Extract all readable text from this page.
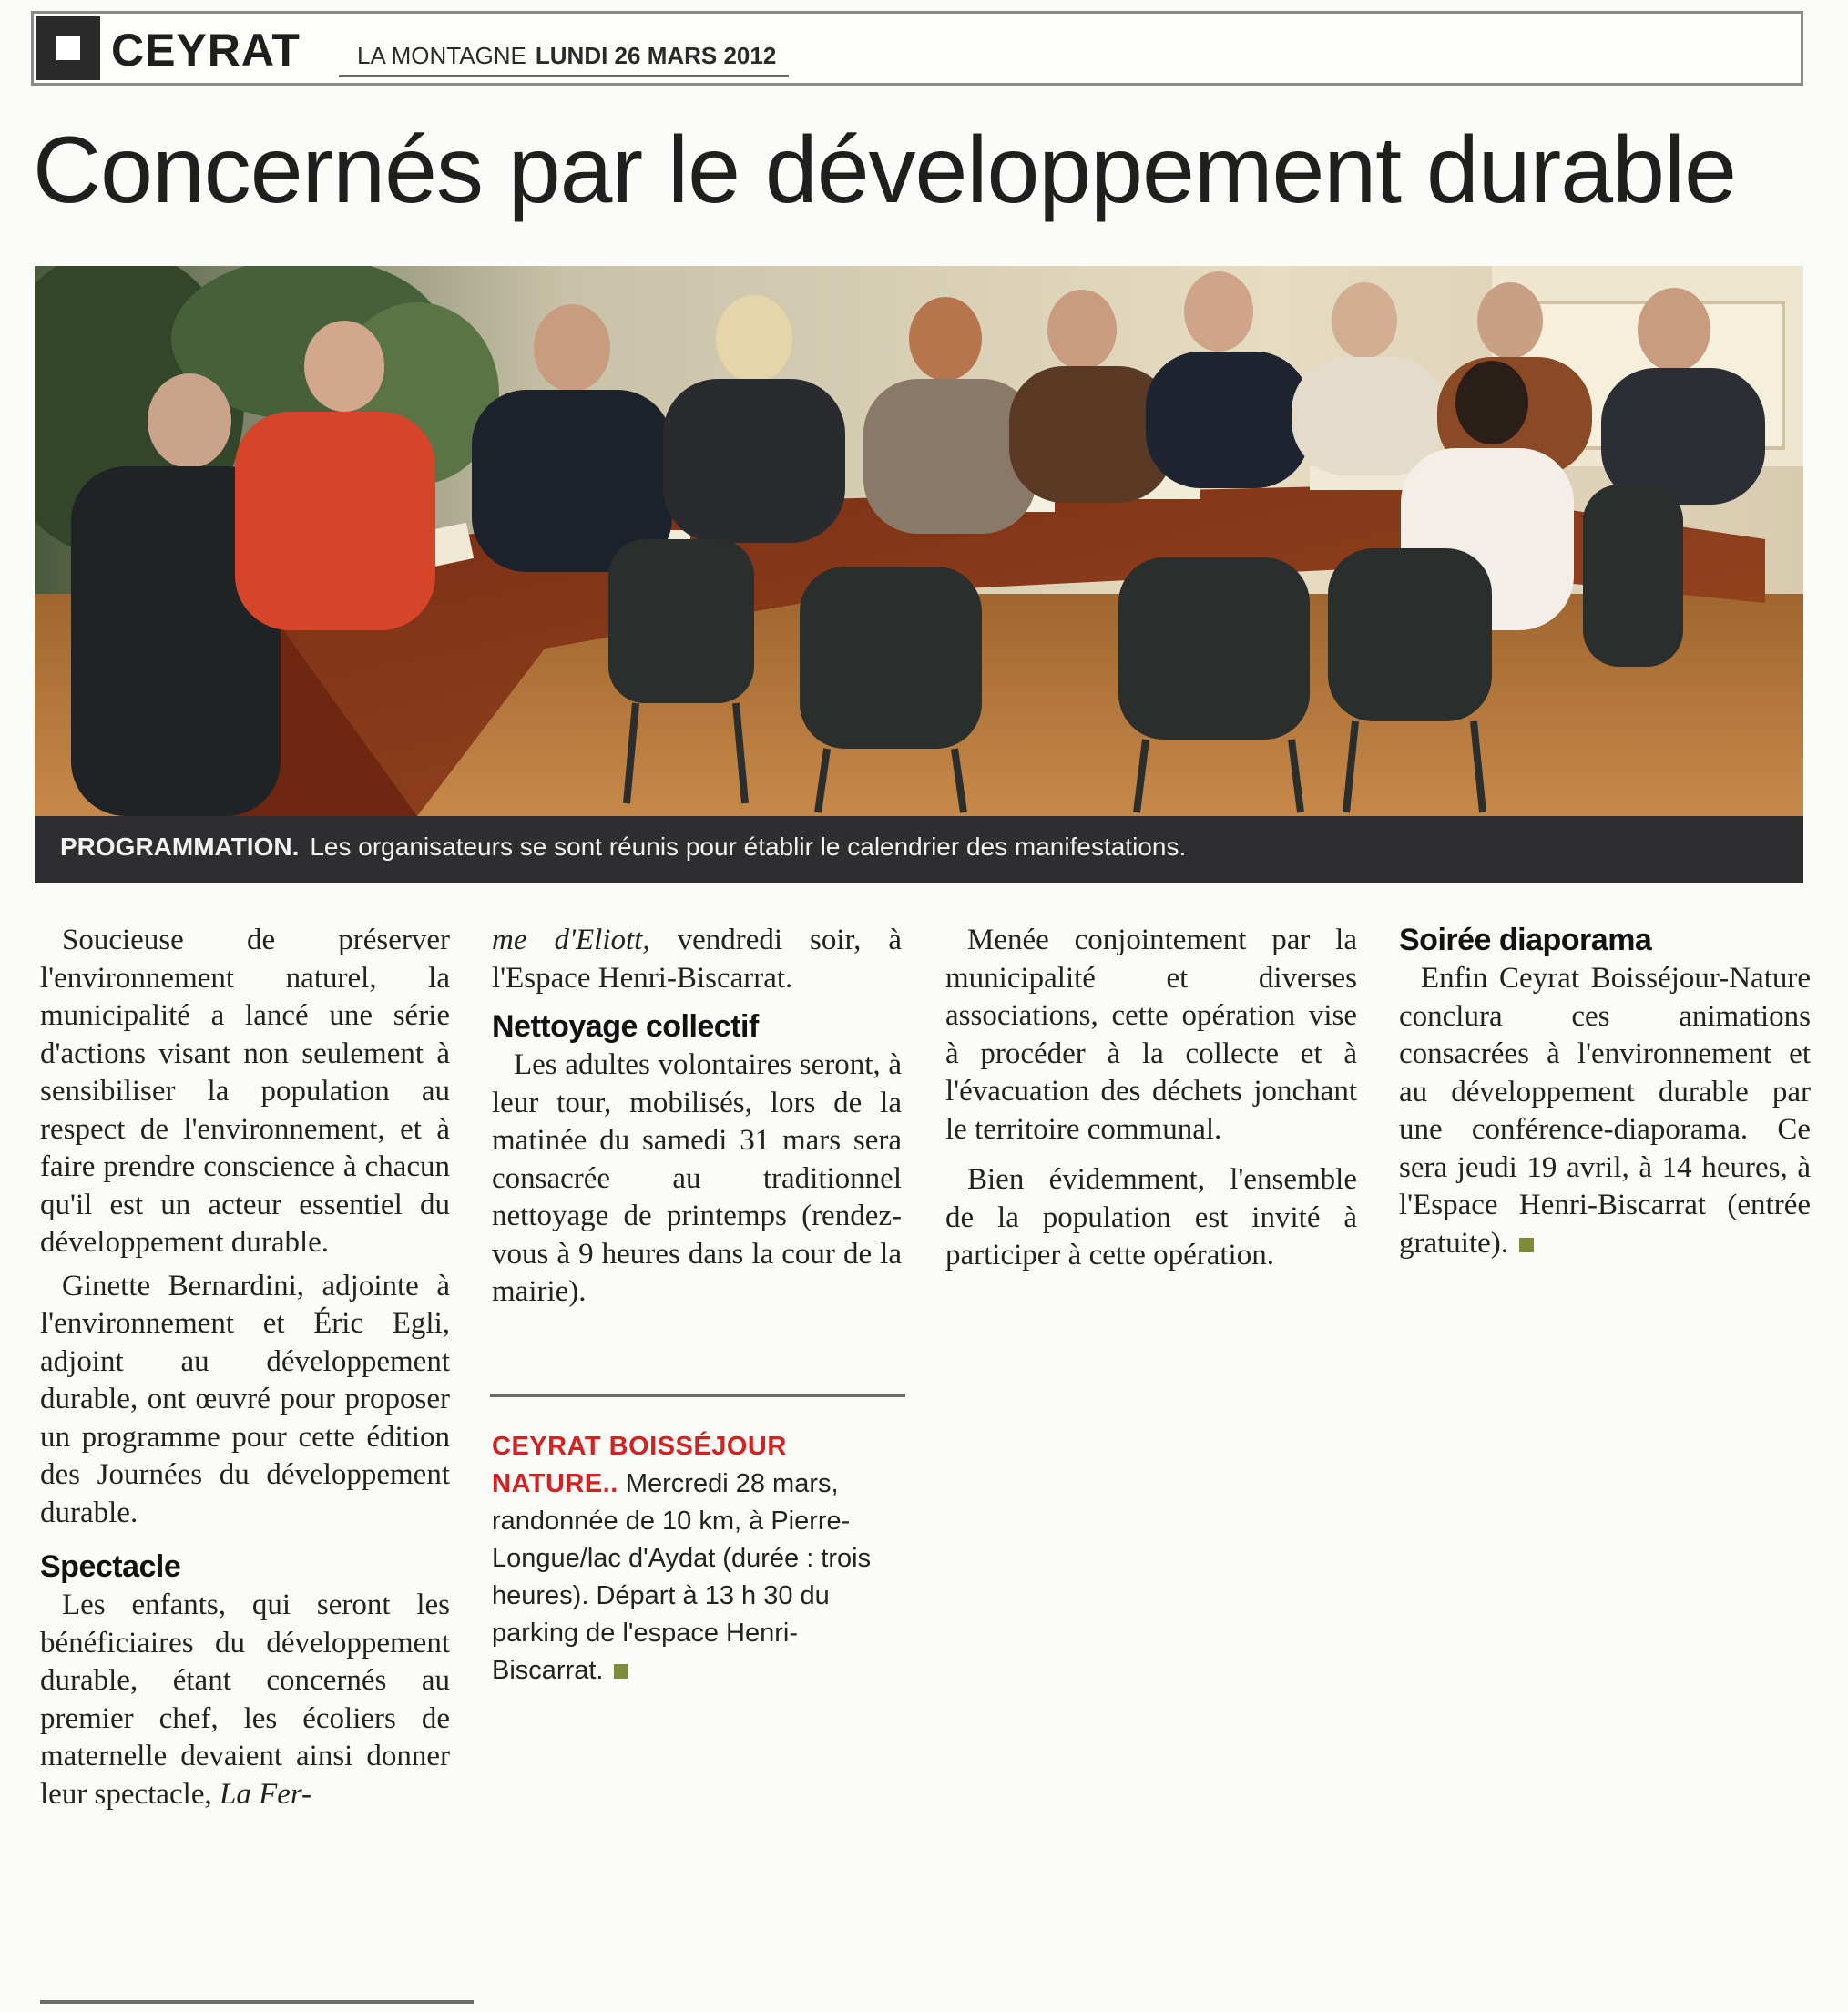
CEYRAT LA MONTAGNE LUNDI 26 MARS 2012
Concernés par le développement durable
PROGRAMMATION. Les organisateurs se sont réunis pour établir le calendrier des manifestations.

Soucieuse de préserver l'environnement naturel, la municipalité a lancé une série d'actions visant non seulement à sensibiliser la population au respect de l'environnement, et à faire prendre conscience à chacun qu'il est un acteur essentiel du développement durable.

Ginette Bernardini, adjointe à l'environnement et Éric Egli, adjoint au développement durable, ont œuvré pour proposer un programme pour cette édition des Journées du développement durable.

Spectacle

Les enfants, qui seront les bénéficiaires du développement durable, étant concernés au premier chef, les écoliers de maternelle devaient ainsi donner leur spectacle, La Fer-

me d'Eliott, vendredi soir, à l'Espace Henri-Biscarrat.

Nettoyage collectif

Les adultes volontaires seront, à leur tour, mobilisés, lors de la matinée du samedi 31 mars sera consacrée au traditionnel nettoyage de printemps (rendez-vous à 9 heures dans la cour de la mairie).

CEYRAT BOISSÉJOUR NATURE.. Mercredi 28 mars, randonnée de 10 km, à Pierre-Longue/lac d'Aydat (durée : trois heures). Départ à 13 h 30 du parking de l'espace Henri-Biscarrat.

Menée conjointement par la municipalité et diverses associations, cette opération vise à procéder à la collecte et à l'évacuation des déchets jonchant le territoire communal.

Bien évidemment, l'ensemble de la population est invité à participer à cette opération.

Soirée diaporama

Enfin Ceyrat Boisséjour-Nature conclura ces animations consacrées à l'environnement et au développement durable par une conférence-diaporama. Ce sera jeudi 19 avril, à 14 heures, à l'Espace Henri-Biscarrat (entrée gratuite).
